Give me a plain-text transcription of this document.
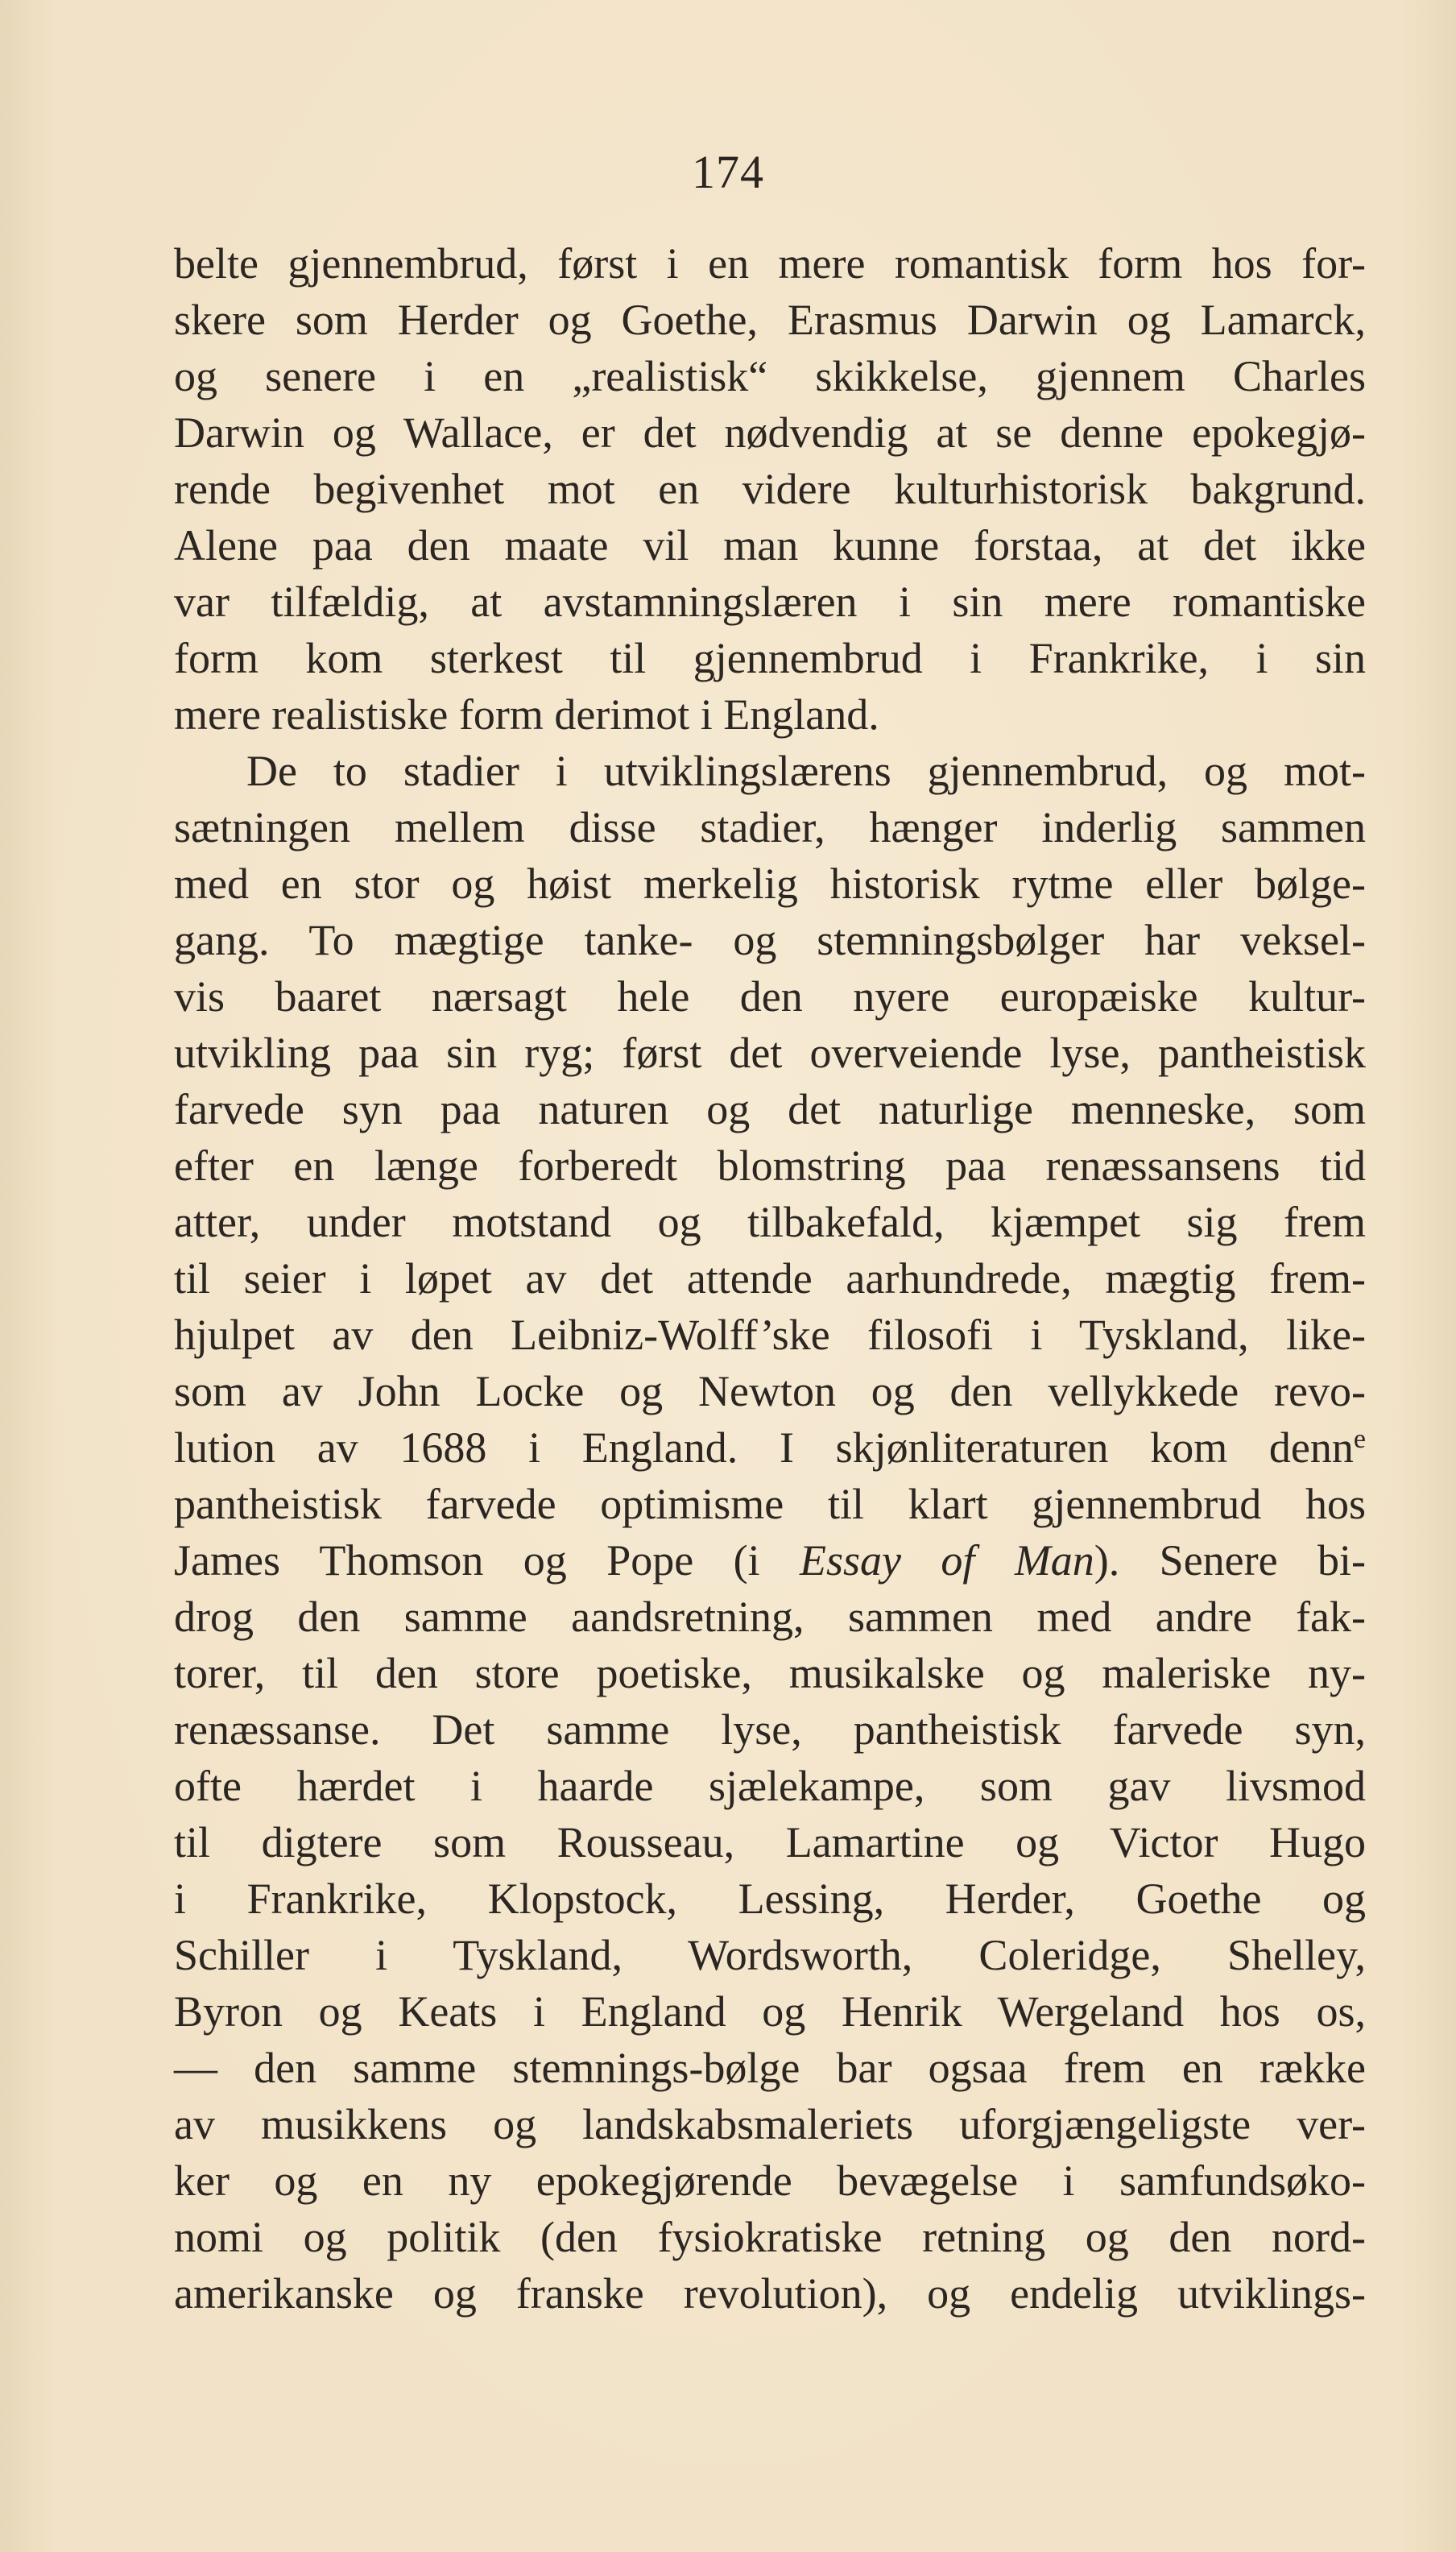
174
belte gjennembrud, først i en mere romantisk form hos for-
skere som Herder og Goethe, Erasmus Darwin og Lamarck,
og senere i en „realistisk“ skikkelse, gjennem Charles
Darwin og Wallace, er det nødvendig at se denne epokegjø-
rende begivenhet mot en videre kulturhistorisk bakgrund.
Alene paa den maate vil man kunne forstaa, at det ikke
var tilfældig, at avstamningslæren i sin mere romantiske
form kom sterkest til gjennembrud i Frankrike, i sin
mere realistiske form derimot i England.
De to stadier i utviklingslærens gjennembrud, og mot-
sætningen mellem disse stadier, hænger inderlig sammen
med en stor og høist merkelig historisk rytme eller bølge-
gang. To mægtige tanke- og stemningsbølger har veksel-
vis baaret nærsagt hele den nyere europæiske kultur-
utvikling paa sin ryg; først det overveiende lyse, pantheistisk
farvede syn paa naturen og det naturlige menneske, som
efter en længe forberedt blomstring paa renæssansens tid
atter, under motstand og tilbakefald, kjæmpet sig frem
til seier i løpet av det attende aarhundrede, mægtig frem-
hjulpet av den Leibniz-Wolff’ske filosofi i Tyskland, like-
som av John Locke og Newton og den vellykkede revo-
lution av 1688 i England. I skjønliteraturen kom denn$^e$
pantheistisk farvede optimisme til klart gjennembrud hos
James Thomson og Pope (i Essay of Man). Senere bi-
drog den samme aandsretning, sammen med andre fak-
torer, til den store poetiske, musikalske og maleriske ny-
renæssanse. Det samme lyse, pantheistisk farvede syn,
ofte hærdet i haarde sjælekampe, som gav livsmod
til digtere som Rousseau, Lamartine og Victor Hugo
i Frankrike, Klopstock, Lessing, Herder, Goethe og
Schiller i Tyskland, Wordsworth, Coleridge, Shelley,
Byron og Keats i England og Henrik Wergeland hos os,
— den samme stemnings-bølge bar ogsaa frem en række
av musikkens og landskabsmaleriets uforgjængeligste ver-
ker og en ny epokegjørende bevægelse i samfundsøko-
nomi og politik (den fysiokratiske retning og den nord-
amerikanske og franske revolution), og endelig utviklings-
